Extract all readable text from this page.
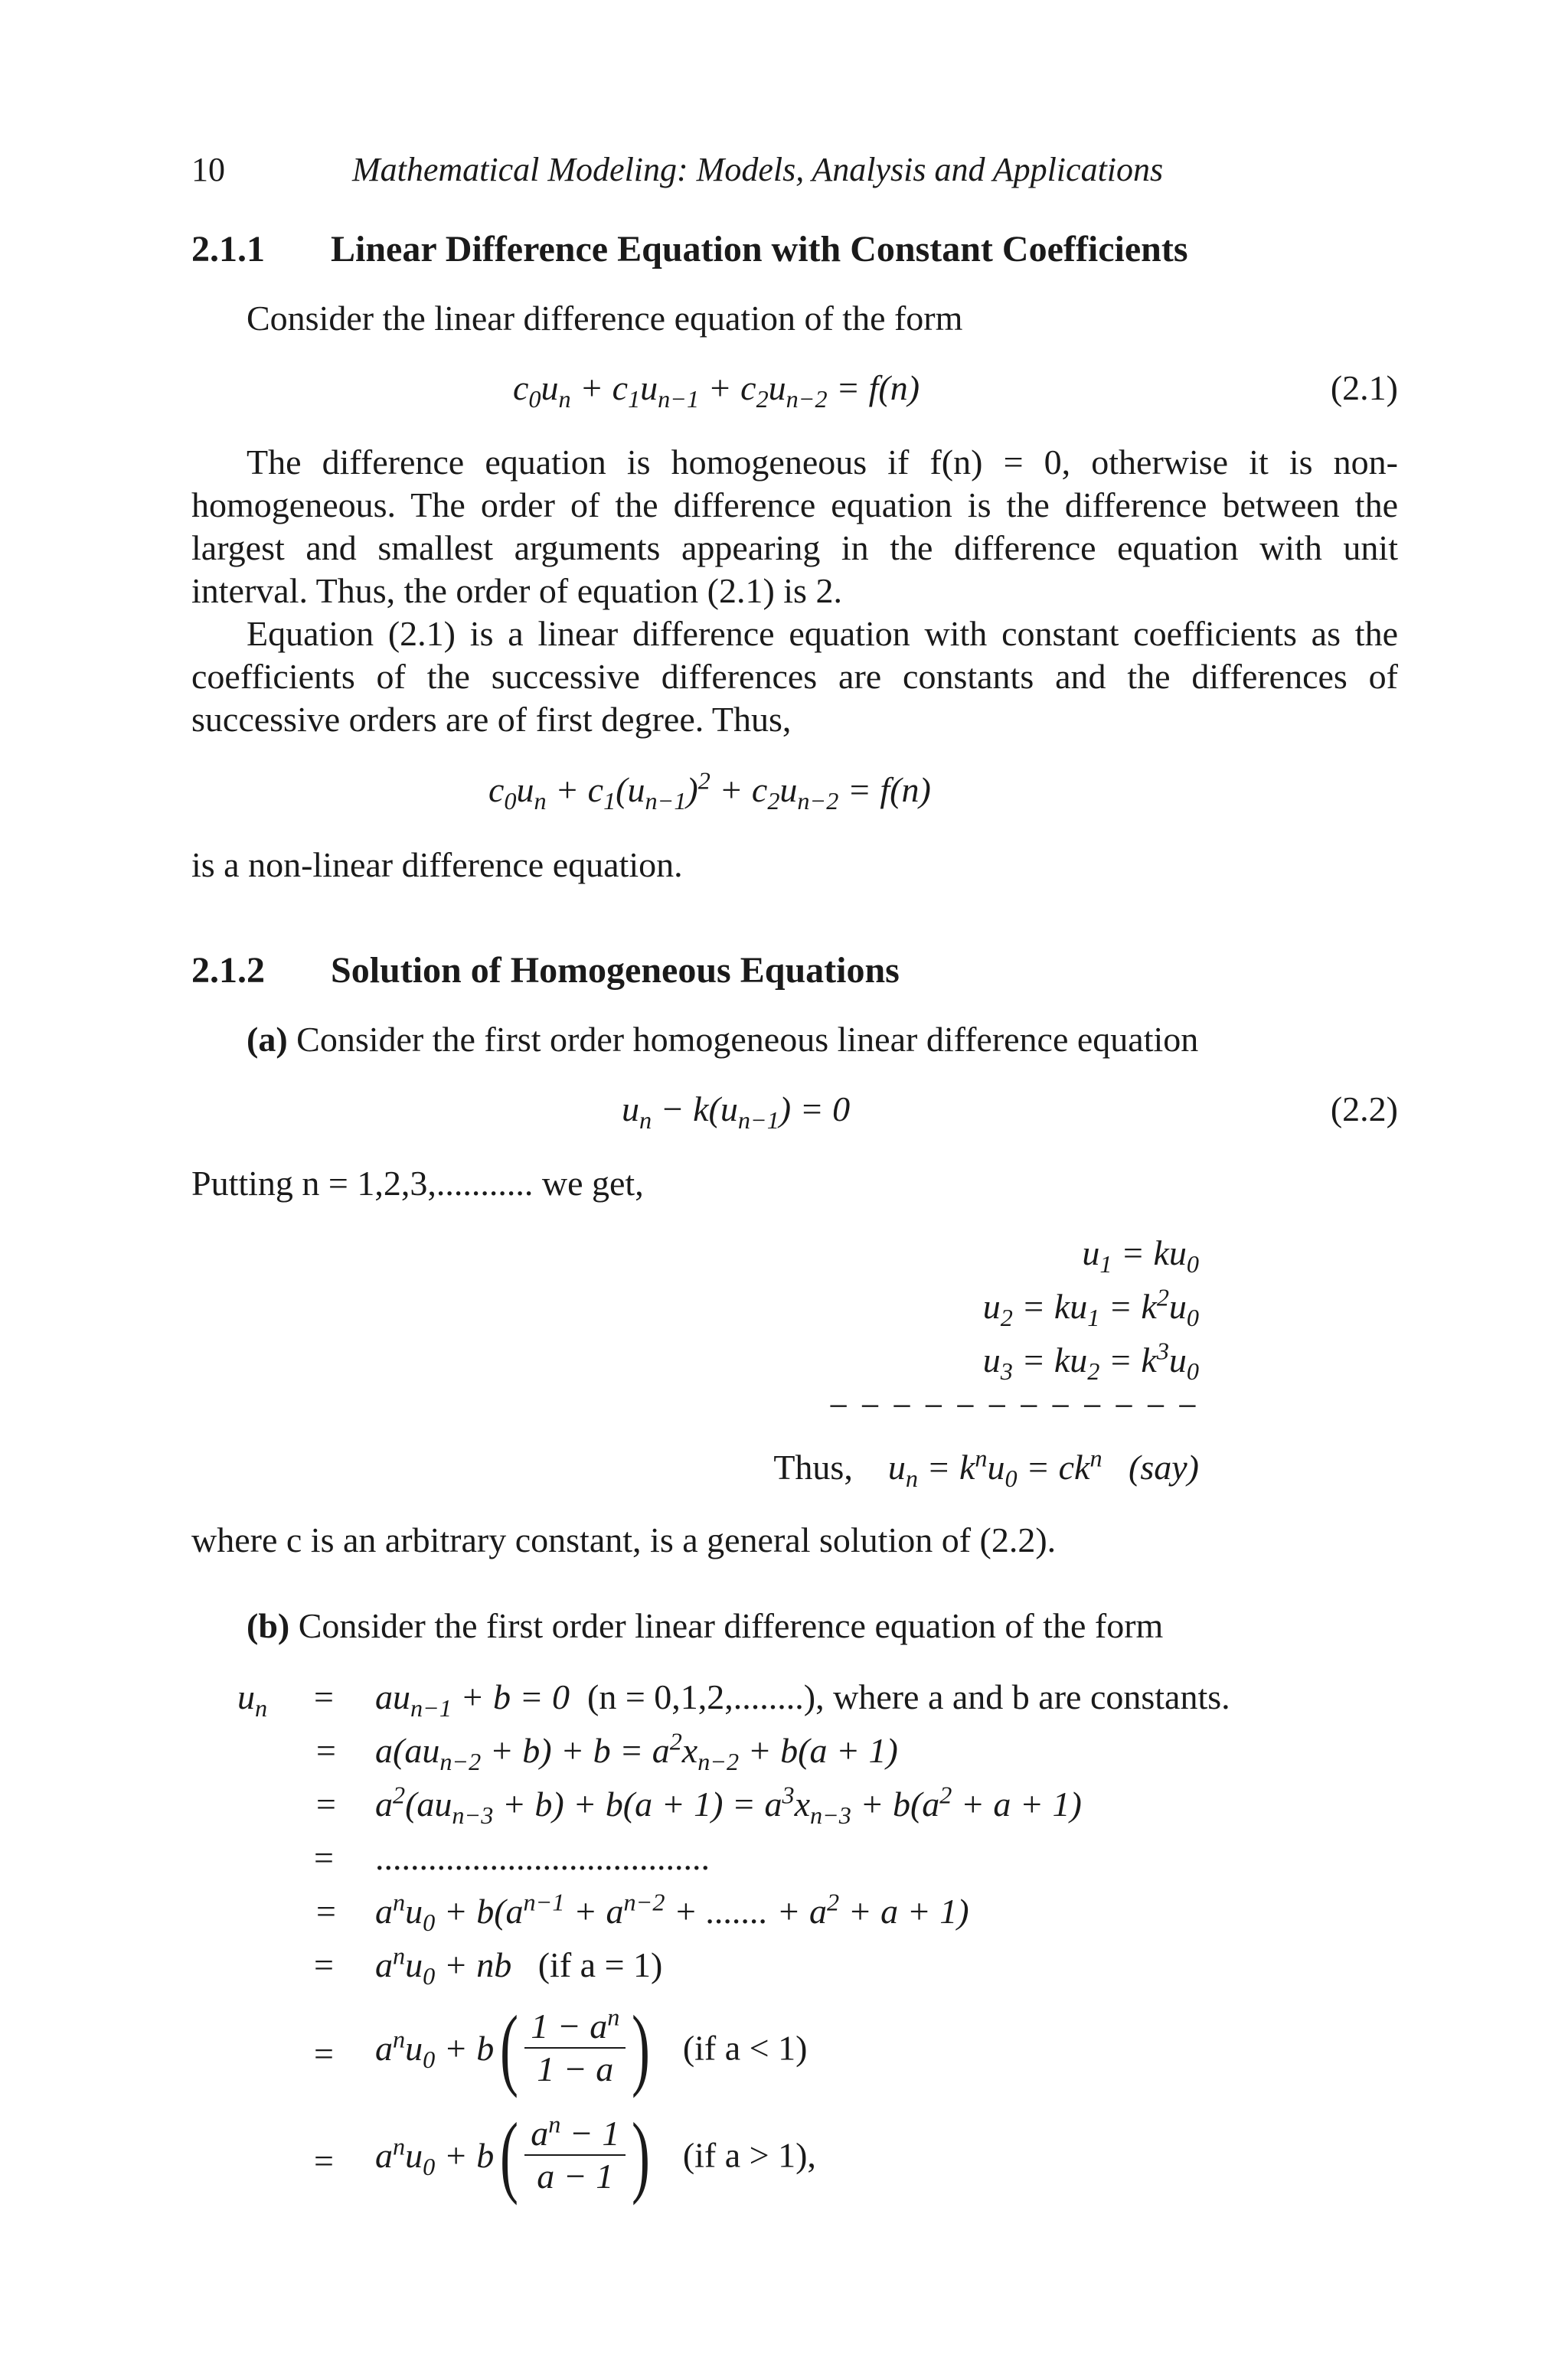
10	Mathematical Modeling: Models, Analysis and Applications
2.1.1 Linear Difference Equation with Constant Coefficients
Consider the linear difference equation of the form
$c_0u_n + c_1u_{n-1} + c_2u_{n-2} = f(n)$	(2.1)

The difference equation is homogeneous if f(n) = 0, otherwise it is non-homogeneous. The order of the difference equation is the difference between the largest and smallest arguments appearing in the difference equation with unit interval. Thus, the order of equation (2.1) is 2.

Equation (2.1) is a linear difference equation with constant coefficients as the coefficients of the successive differences are constants and the differences of successive orders are of first degree. Thus,

$c_0u_n + c_1(u_{n-1})^2 + c_2u_{n-2} = f(n)$
is a non-linear difference equation.
2.1.2 Solution of Homogeneous Equations
(a) Consider the first order homogeneous linear difference equation
$u_n - k(u_{n-1}) = 0$	(2.2)
Putting n = 1,2,3,........... we get,
$u_1 = ku_0$
$u_2 = ku_1 = k^2u_0$
$u_3 = ku_2 = k^3u_0$
− − − − − − − − − − − −
Thus, $u_n = k^nu_0 = ck^n$ (say)
where c is an arbitrary constant, is a general solution of (2.2).
(b) Consider the first order linear difference equation of the form
$u_n = au_{n-1} + b = 0$ (n = 0,1,2,........), where a and b are constants.
= $a(au_{n-2} + b) + b = a^2x_{n-2} + b(a + 1)$
= $a^2(au_{n-3} + b) + b(a + 1) = a^3x_{n-3} + b(a^2 + a + 1)$
= ......................................
= $a^nu_0 + b(a^{n-1} + a^{n-2}$ + ....... + $a^2 + a + 1$)
= $a^nu_0$ + nb (if a = 1)
= $a^nu_0 + b( \frac{1 - a^n}{1 - a}$ ) (if a < 1)
= $a^nu_0 + b( \frac{a^n - 1}{a - 1}$ ) (if a > 1),
